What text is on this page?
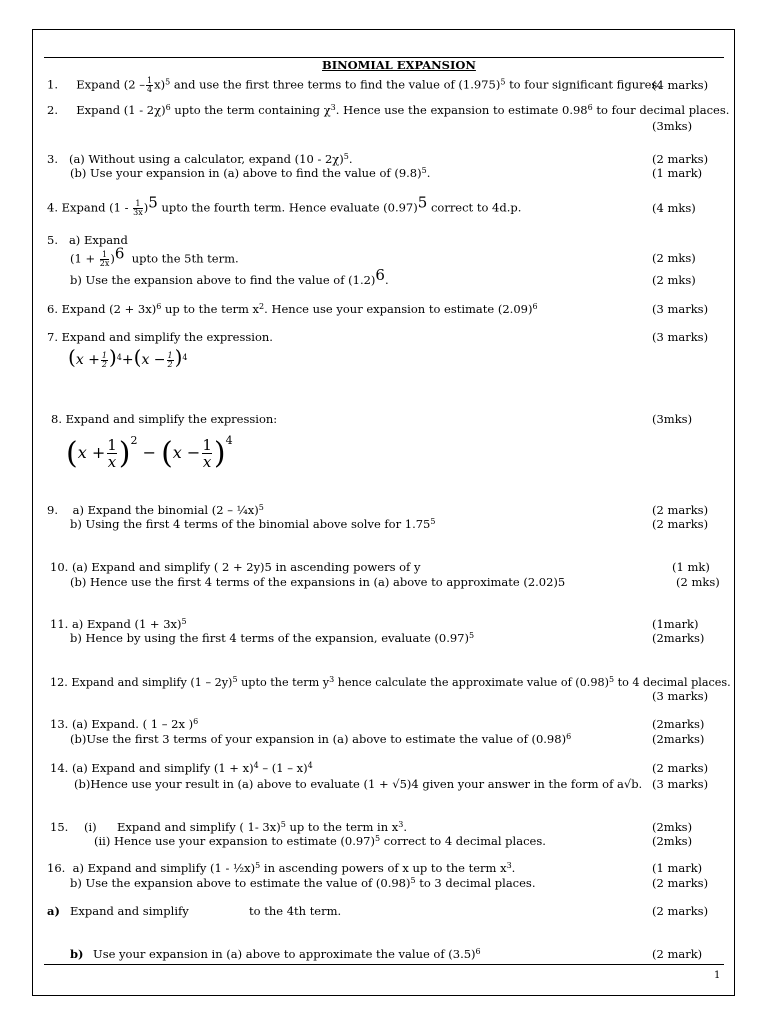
BINOMIAL EXPANSION
1. Expand $(2 - \frac{1}{4} x)^5$ and use the first three terms to find the value of $(1.975)^5$ to four significant figures.
(4 marks)
2. Expand (1 - 2χ)$^6$ upto the term containing $\chi^3$. Hence use the expansion to estimate 0.98$^6$ to four decimal places.
(3mks)
3. (a) Without using a calculator, expand (10 - 2χ)$^5$.	(2 marks)
(b) Use your expansion in (a) above to find the value of $(9.8)^5$.	(1 mark)
4. Expand $(1 - \frac{1}{3x} )^5$ upto the fourth term. Hence evaluate $(0.97)^5$ correct to 4d.p.	(4 mks)
5. a) Expand
$(1 + \frac{1}{2x} )^6$ upto the 5th term.	(2 mks)
b) Use the expansion above to find the value of $(1.2)^6$.	(2 mks)
6. Expand $(2 + 3x)^6$ up to the term $x^2$. Hence use your expansion to estimate $(2.09)^6$	(3 marks)
7. Expand and simplify the expression.	(3 marks)
$(x + \frac{1}{2} )^4+(x - \frac{1}{2} )^4$
8. Expand and simplify the expression:	(3mks)
$(x + \frac{1}{x} )^2 - (x - \frac{1}{x} )^4$
9. a) Expand the binomial (2 – ¼x)$^5$	(2 marks)
b) Using the first 4 terms of the binomial above solve for 1.75$^5$	(2 marks)
10. (a) Expand and simplify ( 2 + 2y)5 in ascending powers of y	(1 mk)
(b) Hence use the first 4 terms of the expansions in (a) above to approximate (2.02)5	(2 mks)
11. a) Expand $(1 + 3x)^5$	(1mark)
b) Hence by using the first 4 terms of the expansion, evaluate $(0.97)^5$	(2marks)
12. Expand and simplify (1 – 2y)$^5$ upto the term $y^3$ hence calculate the approximate value of $(0.98)^5$ to 4 decimal places.
(3 marks)
13. (a) Expand. ( 1 – 2x )$^6$	(2marks)
(b)Use the first 3 terms of your expansion in (a) above to estimate the value of $(0.98)^6$	(2marks)
14. (a) Expand and simplify $(1 + x)^4 - (1 - x)^4$	(2 marks)
(b)Hence use your result in (a) above to evaluate (1 + √5)4 given your answer in the form of a√b. (3 marks)
15. (i) Expand and simplify ( 1- 3x)$^5$ up to the term in $x^3$.	(2mks)
(ii) Hence use your expansion to estimate $(0.97)^5$ correct to 4 decimal places.	(2mks)
16. a) Expand and simplify (1 - ½x)$^5$ in ascending powers of x up to the term $x^3$.	(1 mark)
b) Use the expansion above to estimate the value of $(0.98)^5$ to 3 decimal places.	(2 marks)
a) Expand and simplify	to the 4th term.	(2 marks)
b) Use your expansion in (a) above to approximate the value of $(3.5)^6$	(2 mark)
1
